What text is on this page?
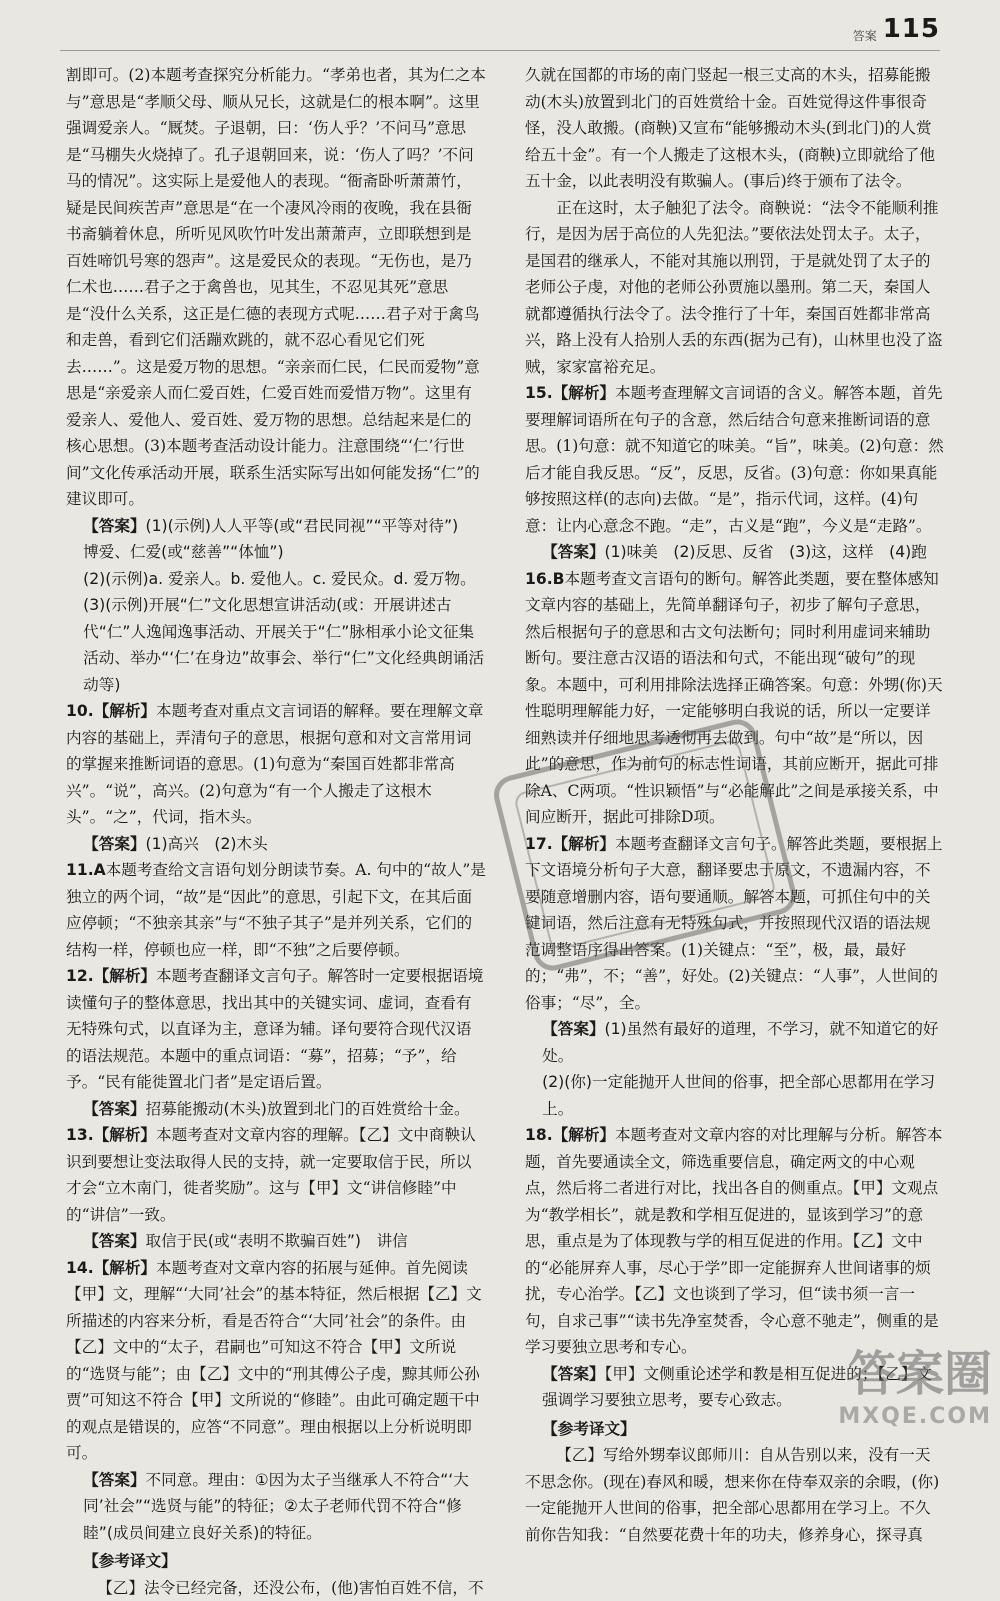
答案 115

割即可。(2)本题考查探究分析能力。“孝弟也者，其为仁之本与”意思是“孝顺父母、顺从兄长，这就是仁的根本啊”。这里强调爱亲人。“厩焚。子退朝，曰：‘伤人乎？’不问马”意思是“马棚失火烧掉了。孔子退朝回来，说：‘伤人了吗？’不问马的情况”。这实际上是爱他人的表现。“衙斋卧听萧萧竹，疑是民间疾苦声”意思是“在一个凄风冷雨的夜晚，我在县衙书斋躺着休息，所听见风吹竹叶发出萧萧声，立即联想到是百姓啼饥号寒的怨声”。这是爱民众的表现。“无伤也，是乃仁术也……君子之于禽兽也，见其生，不忍见其死”意思是“没什么关系，这正是仁德的表现方式呢……君子对于禽鸟和走兽，看到它们活蹦欢跳的，就不忍心看见它们死去……”。这是爱万物的思想。“亲亲而仁民，仁民而爱物”意思是“亲爱亲人而仁爱百姓，仁爱百姓而爱惜万物”。这里有爱亲人、爱他人、爱百姓、爱万物的思想。总结起来是仁的核心思想。(3)本题考查活动设计能力。注意围绕“‘仁’行世间”文化传承活动开展，联系生活实际写出如何能发扬“仁”的建议即可。

【答案】(1)(示例)人人平等(或“君民同视”“平等对待”)　博爱、仁爱(或“慈善”“体恤”)

(2)(示例)a. 爱亲人。b. 爱他人。c. 爱民众。d. 爱万物。

(3)(示例)开展“仁”文化思想宣讲活动(或：开展讲述古代“仁”人逸闻逸事活动、开展关于“仁”脉相承小论文征集活动、举办“‘仁’在身边”故事会、举行“仁”文化经典朗诵活动等)

10.【解析】本题考查对重点文言词语的解释。要在理解文章内容的基础上，弄清句子的意思，根据句意和对文言常用词的掌握来推断词语的意思。(1)句意为“秦国百姓都非常高兴”。“说”，高兴。(2)句意为“有一个人搬走了这根木头”。“之”，代词，指木头。

【答案】(1)高兴　(2)木头

11.A本题考查给文言语句划分朗读节奏。A. 句中的“故人”是独立的两个词，“故”是“因此”的意思，引起下文，在其后面应停顿；“不独亲其亲”与“不独子其子”是并列关系，它们的结构一样，停顿也应一样，即“不独”之后要停顿。

12.【解析】本题考查翻译文言句子。解答时一定要根据语境读懂句子的整体意思，找出其中的关键实词、虚词，查看有无特殊句式，以直译为主，意译为辅。译句要符合现代汉语的语法规范。本题中的重点词语：“募”，招募；“予”，给予。“民有能徙置北门者”是定语后置。

【答案】招募能搬动(木头)放置到北门的百姓赏给十金。

13.【解析】本题考查对文章内容的理解。【乙】文中商鞅认识到要想让变法取得人民的支持，就一定要取信于民，所以才会“立木南门，徙者奖励”。这与【甲】文“讲信修睦”中的“讲信”一致。

【答案】取信于民(或“表明不欺骗百姓”)　讲信

14.【解析】本题考查对文章内容的拓展与延伸。首先阅读【甲】文，理解“‘大同’社会”的基本特征，然后根据【乙】文所描述的内容来分析，看是否符合“‘大同’社会”的条件。由【乙】文中的“太子，君嗣也”可知这不符合【甲】文所说的“选贤与能”；由【乙】文中的“刑其傅公子虔，黥其师公孙贾”可知这不符合【甲】文所说的“修睦”。由此可确定题干中的观点是错误的，应答“不同意”。理由根据以上分析说明即可。

【答案】不同意。理由：①因为太子当继承人不符合“‘大同’社会”“选贤与能”的特征；②太子老师代罚不符合“修睦”(成员间建立良好关系)的特征。

【参考译文】

【乙】法令已经完备，还没公布，(他)害怕百姓不信，不

久就在国都的市场的南门竖起一根三丈高的木头，招募能搬动(木头)放置到北门的百姓赏给十金。百姓觉得这件事很奇怪，没人敢搬。(商鞅)又宣布“能够搬动木头(到北门)的人赏给五十金”。有一个人搬走了这根木头，(商鞅)立即就给了他五十金，以此表明没有欺骗人。(事后)终于颁布了法令。

正在这时，太子触犯了法令。商鞅说：“法令不能顺利推行，是因为居于高位的人先犯法。”要依法处罚太子。太子，是国君的继承人，不能对其施以刑罚，于是就处罚了太子的老师公子虔，对他的老师公孙贾施以墨刑。第二天，秦国人就都遵循执行法令了。法令推行了十年，秦国百姓都非常高兴，路上没有人拾别人丢的东西(据为己有)，山林里也没了盗贼，家家富裕充足。

15.【解析】本题考查理解文言词语的含义。解答本题，首先要理解词语所在句子的含意，然后结合句意来推断词语的意思。(1)句意：就不知道它的味美。“旨”，味美。(2)句意：然后才能自我反思。“反”，反思，反省。(3)句意：你如果真能够按照这样(的志向)去做。“是”，指示代词，这样。(4)句意：让内心意念不跑。“走”，古义是“跑”，今义是“走路”。

【答案】(1)味美　(2)反思、反省　(3)这，这样　(4)跑

16.B本题考查文言语句的断句。解答此类题，要在整体感知文章内容的基础上，先简单翻译句子，初步了解句子意思，然后根据句子的意思和古文句法断句；同时利用虚词来辅助断句。要注意古汉语的语法和句式，不能出现“破句”的现象。本题中，可利用排除法选择正确答案。句意：外甥(你)天性聪明理解能力好，一定能够明白我说的话，所以一定要详细熟读并仔细地思考透彻再去做到。句中“故”是“所以，因此”的意思，作为前句的标志性词语，其前应断开，据此可排除A、C两项。“性识颖悟”与“必能解此”之间是承接关系，中间应断开，据此可排除D项。

17.【解析】本题考查翻译文言句子。解答此类题，要根据上下文语境分析句子大意，翻译要忠于原文，不遗漏内容，不要随意增删内容，语句要通顺。解答本题，可抓住句中的关键词语，然后注意有无特殊句式，并按照现代汉语的语法规范调整语序得出答案。(1)关键点：“至”，极，最，最好的；“弗”，不；“善”，好处。(2)关键点：“人事”，人世间的俗事；“尽”，全。

【答案】(1)虽然有最好的道理，不学习，就不知道它的好处。

(2)(你)一定能抛开人世间的俗事，把全部心思都用在学习上。

18.【解析】本题考查对文章内容的对比理解与分析。解答本题，首先要通读全文，筛选重要信息，确定两文的中心观点，然后将二者进行对比，找出各自的侧重点。【甲】文观点为“教学相长”，就是教和学相互促进的，显该到学习”的意思，重点是为了体现教与学的相互促进的作用。【乙】文中的“必能屏弃人事，尽心于学”即一定能摒弃人世间诸事的烦扰，专心治学。【乙】文也谈到了学习，但“读书须一言一句，自求己事”“读书先净室焚香，令心意不驰走”，侧重的是学习要独立思考和专心。

【答案】【甲】文侧重论述学和教是相互促进的；【乙】文强调学习要独立思考，要专心致志。

【参考译文】

【乙】写给外甥奉议郎师川：自从告别以来，没有一天不思念你。(现在)春风和暖，想来你在侍奉双亲的余暇，(你)一定能抛开人世间的俗事，把全部心思都用在学习上。不久前你告知我：“自然要花费十年的功夫，修养身心，探寻真

答案圈
MXQE.COM
